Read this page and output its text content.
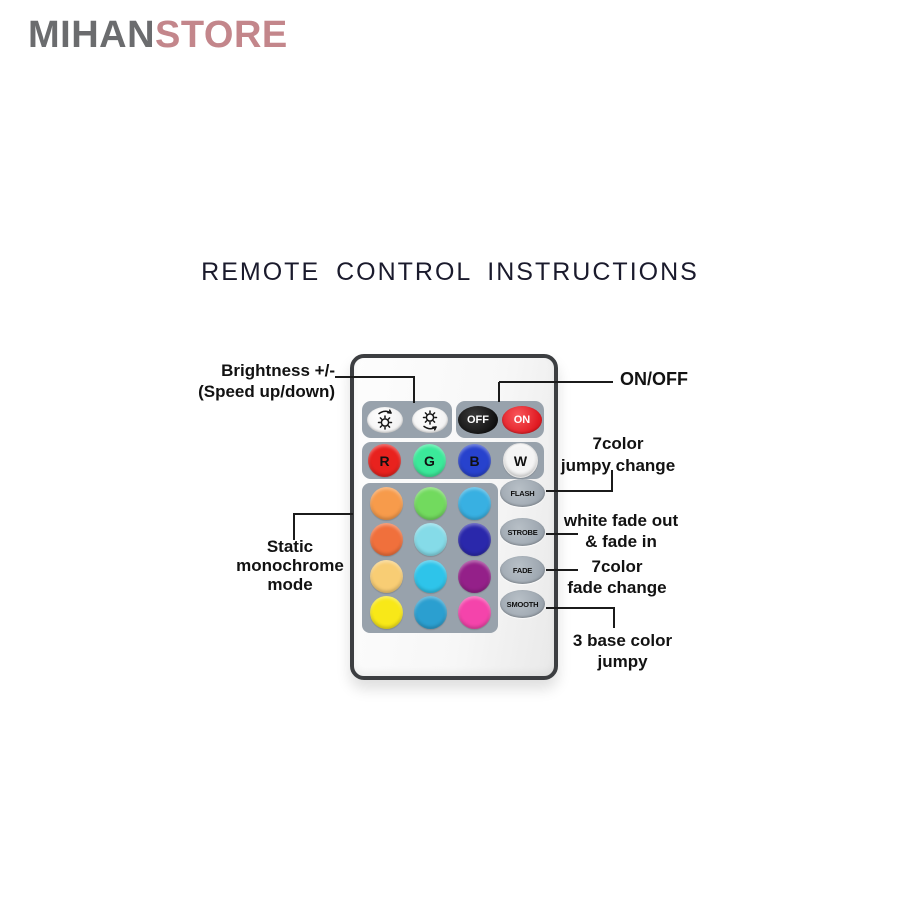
MIHANSTORE
REMOTE CONTROL INSTRUCTIONS
OFF	ON
R	G	B	W
FLASH
STROBE
FADE
SMOOTH
Brightness +/-
(Speed up/down)
ON/OFF
7color
jumpy change
white fade out
& fade in
7color
fade change
3 base color
jumpy
Static
monochrome
mode
